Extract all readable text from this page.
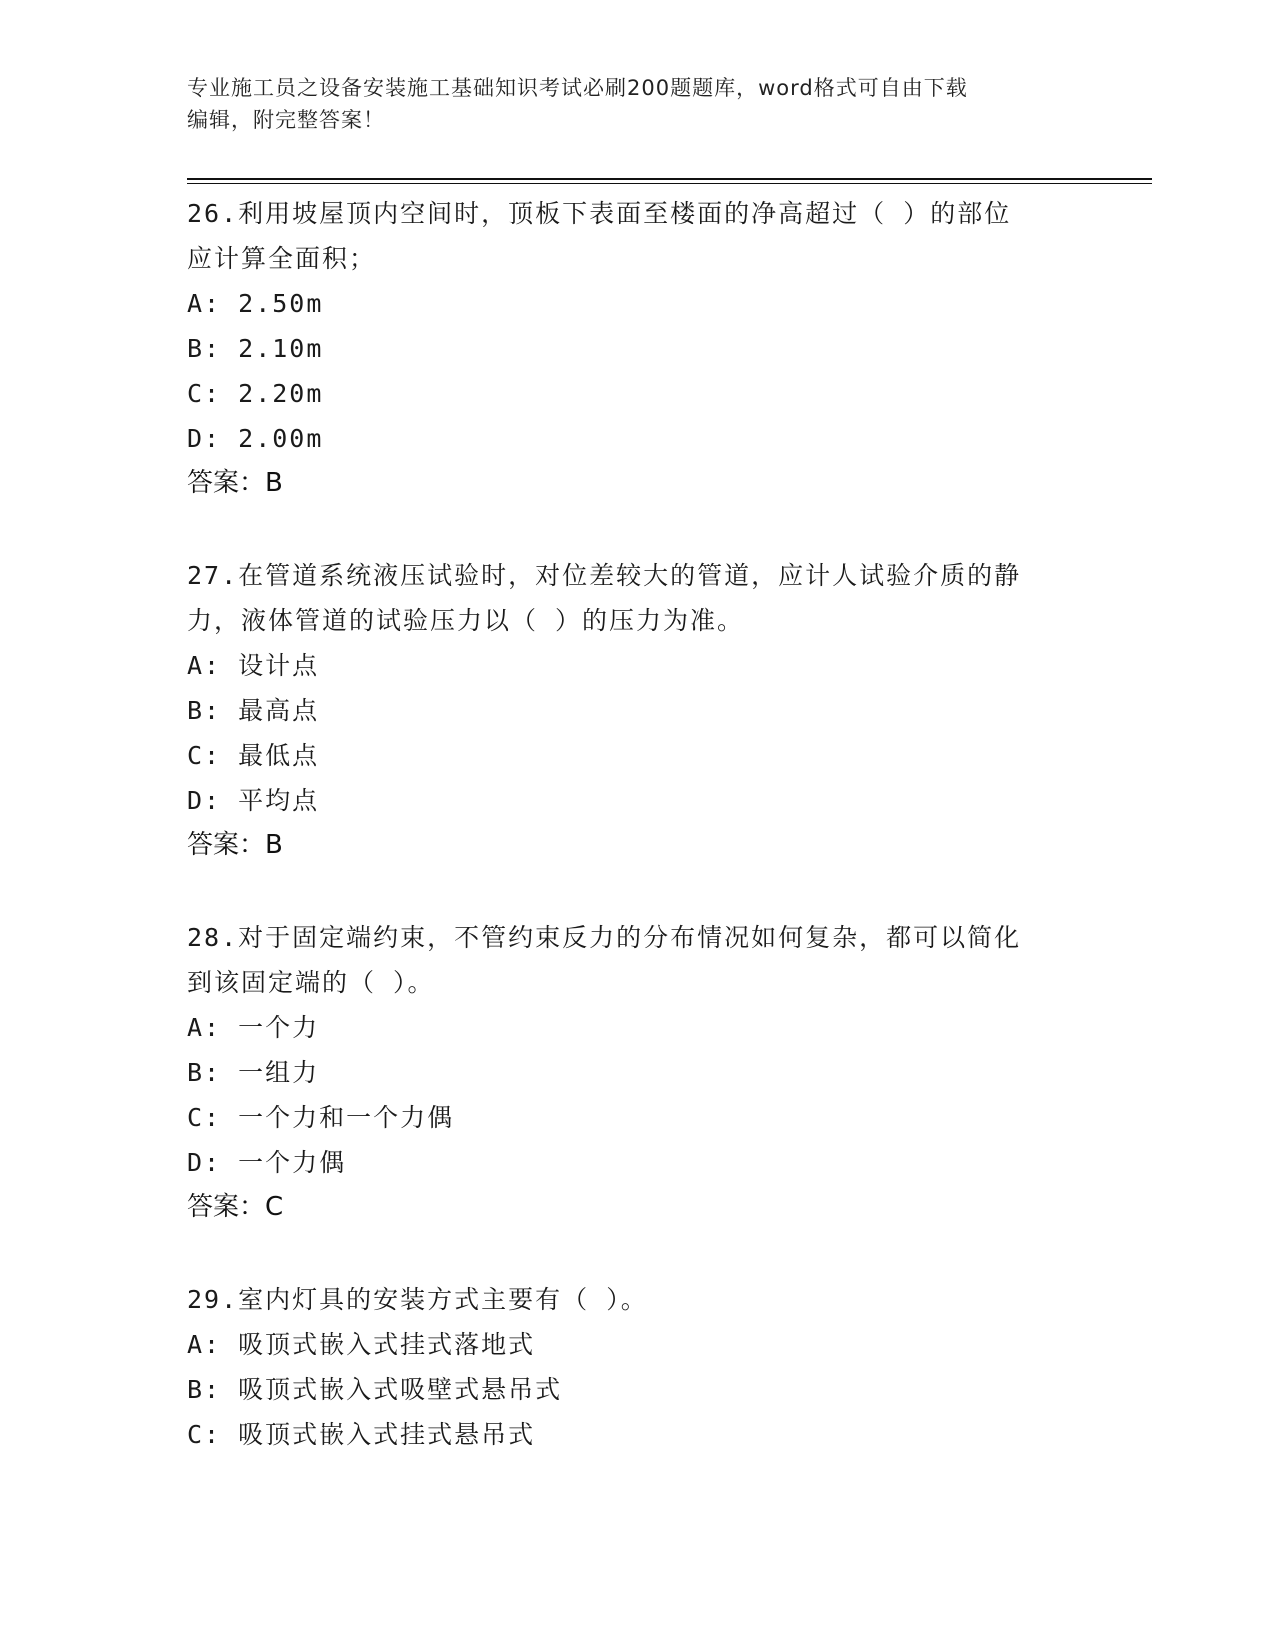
专业施工员之设备安装施工基础知识考试必刷200题题库，word格式可自由下载
编辑，附完整答案！

26.利用坡屋顶内空间时，顶板下表面至楼面的净高超过（ ）的部位

应计算全面积；

A: 2.50m

B: 2.10m

C: 2.20m

D: 2.00m

答案：B

27.在管道系统液压试验时，对位差较大的管道，应计人试验介质的静

力，液体管道的试验压力以（ ）的压力为准。

A: 设计点

B: 最高点

C: 最低点

D: 平均点

答案：B

28.对于固定端约束，不管约束反力的分布情况如何复杂，都可以简化

到该固定端的（ ）。

A: 一个力

B: 一组力

C: 一个力和一个力偶

D: 一个力偶

答案：C

29.室内灯具的安装方式主要有（ ）。

A: 吸顶式嵌入式挂式落地式

B: 吸顶式嵌入式吸壁式悬吊式

C: 吸顶式嵌入式挂式悬吊式
